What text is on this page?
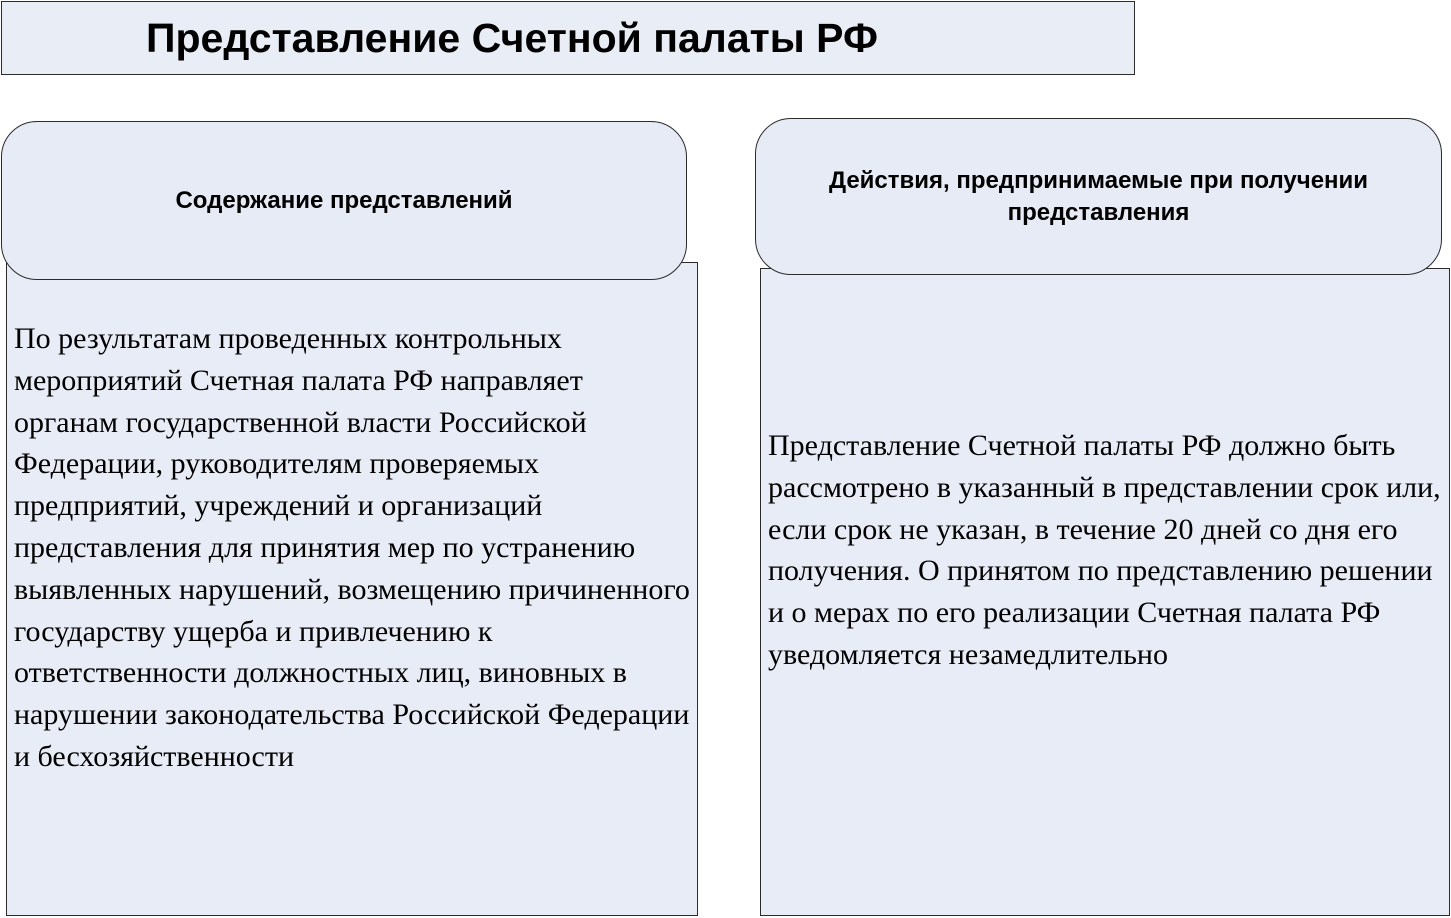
Представление Счетной палаты РФ
Содержание представлений
Действия, предпринимаемые при получении представления
По результатам проведенных контрольных мероприятий Счетная палата РФ направляет органам государственной власти Российской Федерации, руководителям проверяемых предприятий, учреждений и организаций представления для принятия мер по устранению выявленных нарушений, возмещению причиненного государству ущерба и привлечению к ответственности должностных лиц, виновных в нарушении законодательства Российской Федерации и бесхозяйственности
Представление Счетной палаты РФ должно быть рассмотрено в указанный в представлении срок или, если срок не указан, в течение 20 дней со дня его получения. О принятом по представлению решении и о мерах по его реализации Счетная палата РФ уведомляется незамедлительно
